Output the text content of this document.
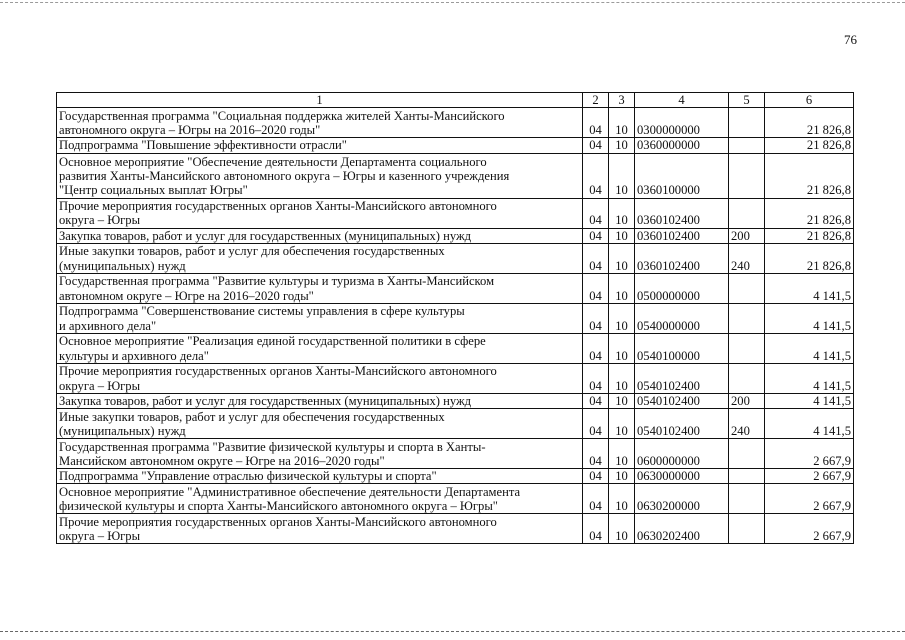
76
1	2	3	4	5	6
Государственная программа "Социальная поддержка жителей Ханты-Мансийского
автономного округа – Югры на 2016–2020 годы"	04	10	0300000000		21 826,8
Подпрограмма "Повышение эффективности отрасли"	04	10	0360000000		21 826,8
Основное мероприятие "Обеспечение деятельности Департамента социального
развития Ханты-Мансийского автономного округа – Югры и казенного учреждения
"Центр социальных выплат Югры"	04	10	0360100000		21 826,8
Прочие мероприятия государственных органов Ханты-Мансийского автономного
округа – Югры	04	10	0360102400		21 826,8
Закупка товаров, работ и услуг для государственных (муниципальных) нужд	04	10	0360102400	200	21 826,8
Иные закупки товаров, работ и услуг для обеспечения государственных
(муниципальных) нужд	04	10	0360102400	240	21 826,8
Государственная программа "Развитие культуры и туризма в Ханты-Мансийском
автономном округе – Югре на 2016–2020 годы"	04	10	0500000000		4 141,5
Подпрограмма "Совершенствование системы управления в сфере культуры
и архивного дела"	04	10	0540000000		4 141,5
Основное мероприятие "Реализация единой государственной политики в сфере
культуры и архивного дела"	04	10	0540100000		4 141,5
Прочие мероприятия государственных органов Ханты-Мансийского автономного
округа – Югры	04	10	0540102400		4 141,5
Закупка товаров, работ и услуг для государственных (муниципальных) нужд	04	10	0540102400	200	4 141,5
Иные закупки товаров, работ и услуг для обеспечения государственных
(муниципальных) нужд	04	10	0540102400	240	4 141,5
Государственная программа "Развитие физической культуры и спорта в Ханты-
Мансийском автономном округе – Югре на 2016–2020 годы"	04	10	0600000000		2 667,9
Подпрограмма "Управление отраслью физической культуры и спорта"	04	10	0630000000		2 667,9
Основное мероприятие "Административное обеспечение деятельности Департамента
физической культуры и спорта Ханты-Мансийского автономного округа – Югры"	04	10	0630200000		2 667,9
Прочие мероприятия государственных органов Ханты-Мансийского автономного
округа – Югры	04	10	0630202400		2 667,9
